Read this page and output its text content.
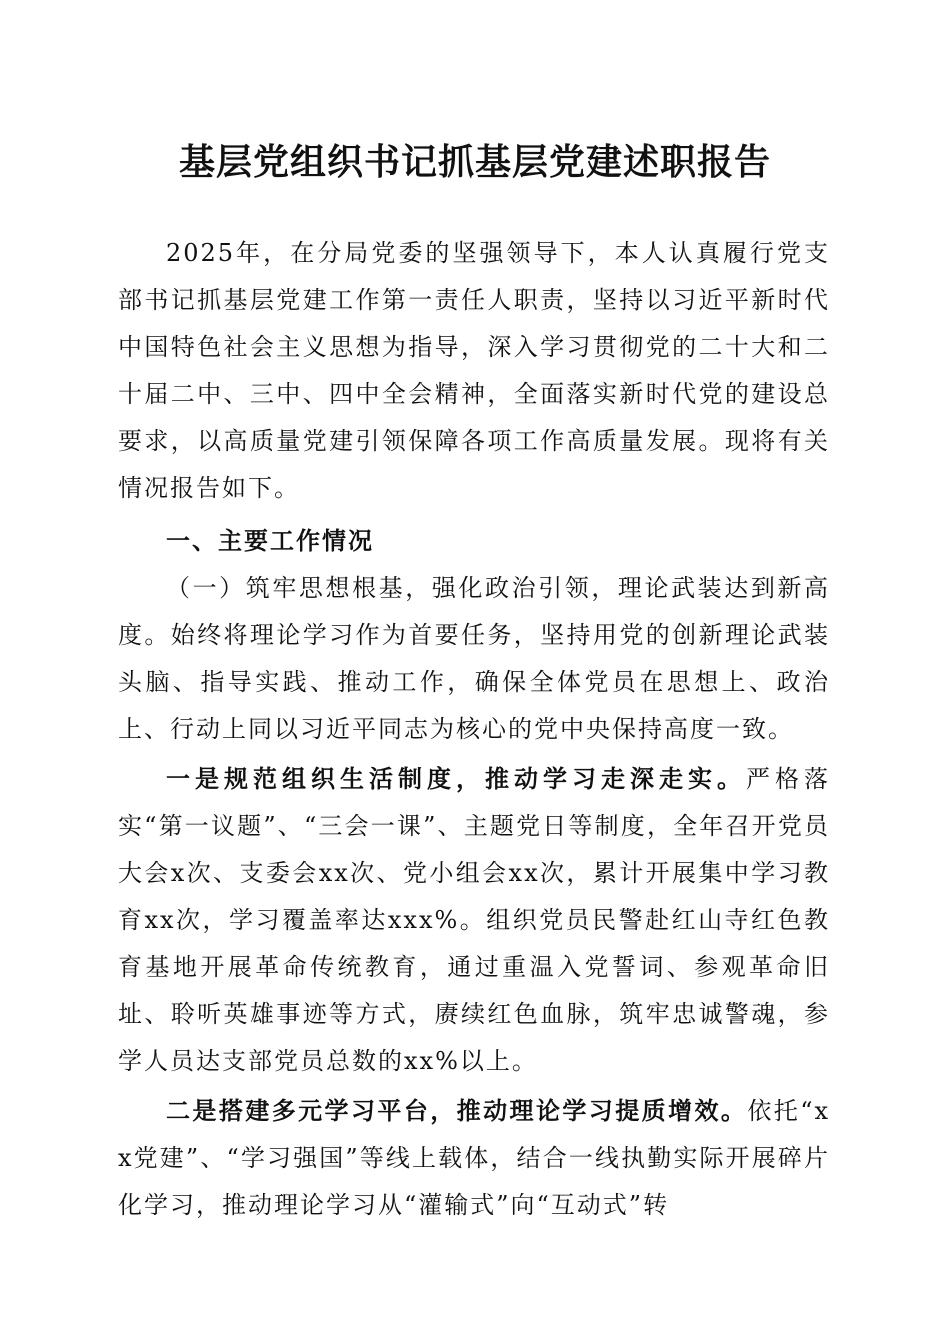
基层党组织书记抓基层党建述职报告

2025年，在分局党委的坚强领导下，本人认真履行党支部书记抓基层党建工作第一责任人职责，坚持以习近平新时代中国特色社会主义思想为指导，深入学习贯彻党的二十大和二十届二中、三中、四中全会精神，全面落实新时代党的建设总要求，以高质量党建引领保障各项工作高质量发展。现将有关情况报告如下。

一、主要工作情况

（一）筑牢思想根基，强化政治引领，理论武装达到新高度。始终将理论学习作为首要任务，坚持用党的创新理论武装头脑、指导实践、推动工作，确保全体党员在思想上、政治上、行动上同以习近平同志为核心的党中央保持高度一致。

一是规范组织生活制度，推动学习走深走实。严格落实“第一议题”、“三会一课”、主题党日等制度，全年召开党员大会x次、支委会xx次、党小组会xx次，累计开展集中学习教育xx次，学习覆盖率达xxx%。组织党员民警赴红山寺红色教育基地开展革命传统教育，通过重温入党誓词、参观革命旧址、聆听英雄事迹等方式，赓续红色血脉，筑牢忠诚警魂，参学人员达支部党员总数的xx%以上。

二是搭建多元学习平台，推动理论学习提质增效。依托“xx党建”、“学习强国”等线上载体，结合一线执勤实际开展碎片化学习，推动理论学习从“灌输式”向“互动式”转
